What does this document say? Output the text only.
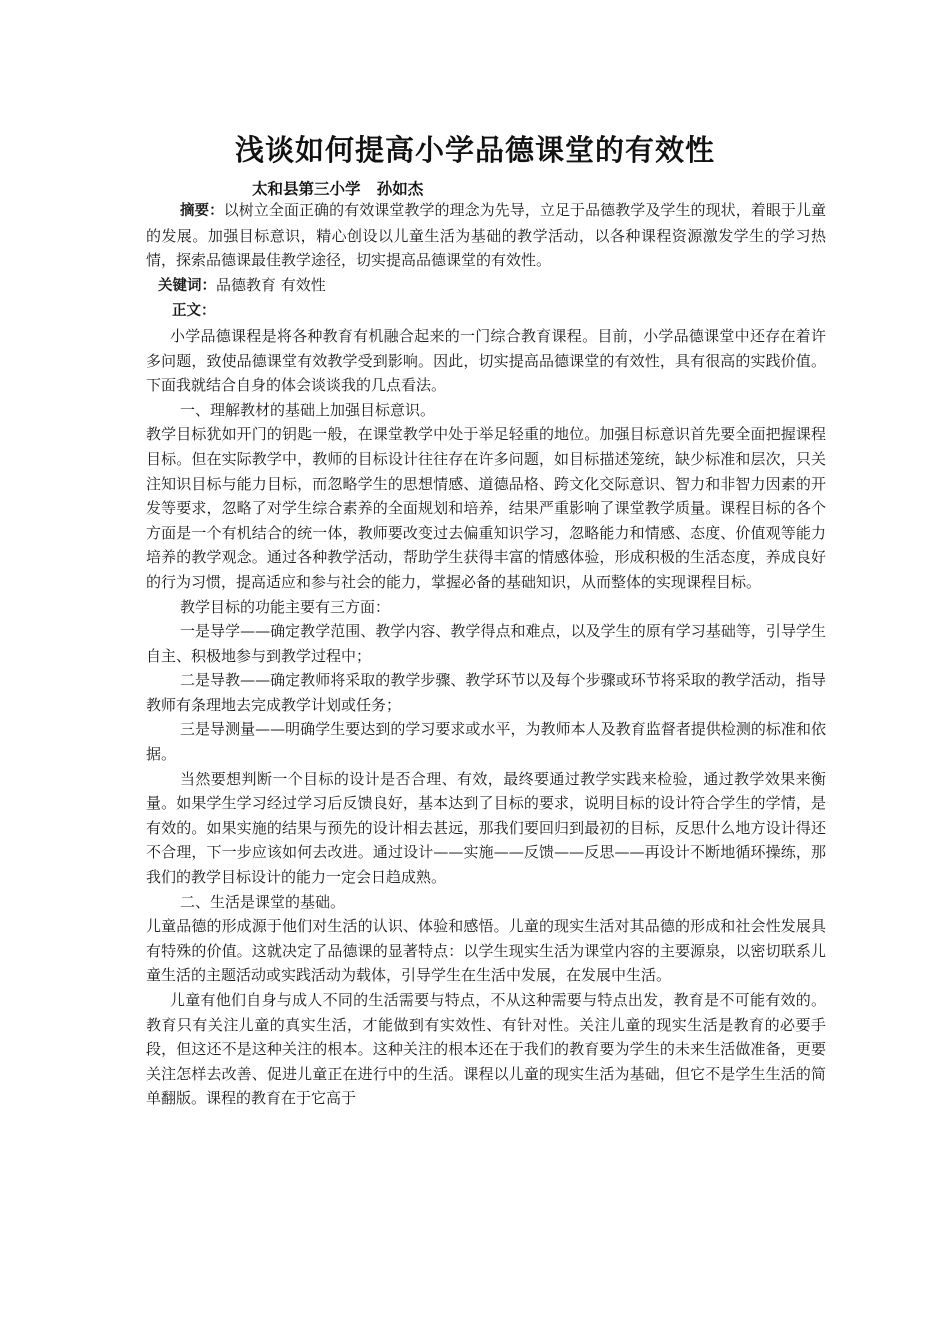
浅谈如何提高小学品德课堂的有效性
太和县第三小学   孙如杰

摘要：以树立全面正确的有效课堂教学的理念为先导，立足于品德教学及学生的现状，着眼于儿童的发展。加强目标意识，精心创设以儿童生活为基础的教学活动，以各种课程资源激发学生的学习热情，探索品德课最佳教学途径，切实提高品德课堂的有效性。

关键词：品德教育 有效性

正文：

小学品德课程是将各种教育有机融合起来的一门综合教育课程。目前，小学品德课堂中还存在着许多问题，致使品德课堂有效教学受到影响。因此，切实提高品德课堂的有效性，具有很高的实践价值。下面我就结合自身的体会谈谈我的几点看法。

一、理解教材的基础上加强目标意识。

教学目标犹如开门的钥匙一般，在课堂教学中处于举足轻重的地位。加强目标意识首先要全面把握课程目标。但在实际教学中，教师的目标设计往往存在许多问题，如目标描述笼统，缺少标准和层次，只关注知识目标与能力目标，而忽略学生的思想情感、道德品格、跨文化交际意识、智力和非智力因素的开发等要求，忽略了对学生综合素养的全面规划和培养，结果严重影响了课堂教学质量。课程目标的各个方面是一个有机结合的统一体，教师要改变过去偏重知识学习，忽略能力和情感、态度、价值观等能力培养的教学观念。通过各种教学活动，帮助学生获得丰富的情感体验，形成积极的生活态度，养成良好的行为习惯，提高适应和参与社会的能力，掌握必备的基础知识，从而整体的实现课程目标。

教学目标的功能主要有三方面：

一是导学——确定教学范围、教学内容、教学得点和难点，以及学生的原有学习基础等，引导学生自主、积极地参与到教学过程中；

二是导教——确定教师将采取的教学步骤、教学环节以及每个步骤或环节将采取的教学活动，指导教师有条理地去完成教学计划或任务；

三是导测量——明确学生要达到的学习要求或水平，为教师本人及教育监督者提供检测的标准和依据。

当然要想判断一个目标的设计是否合理、有效，最终要通过教学实践来检验，通过教学效果来衡量。如果学生学习经过学习后反馈良好，基本达到了目标的要求，说明目标的设计符合学生的学情，是有效的。如果实施的结果与预先的设计相去甚远，那我们要回归到最初的目标，反思什么地方设计得还不合理，下一步应该如何去改进。通过设计——实施——反馈——反思——再设计不断地循环操练，那我们的教学目标设计的能力一定会日趋成熟。

二、生活是课堂的基础。

儿童品德的形成源于他们对生活的认识、体验和感悟。儿童的现实生活对其品德的形成和社会性发展具有特殊的价值。这就决定了品德课的显著特点：以学生现实生活为课堂内容的主要源泉，以密切联系儿童生活的主题活动或实践活动为载体，引导学生在生活中发展，在发展中生活。

儿童有他们自身与成人不同的生活需要与特点，不从这种需要与特点出发，教育是不可能有效的。教育只有关注儿童的真实生活，才能做到有实效性、有针对性。关注儿童的现实生活是教育的必要手段，但这还不是这种关注的根本。这种关注的根本还在于我们的教育要为学生的未来生活做准备，更要关注怎样去改善、促进儿童正在进行中的生活。课程以儿童的现实生活为基础，但它不是学生生活的简单翻版。课程的教育在于它高于
